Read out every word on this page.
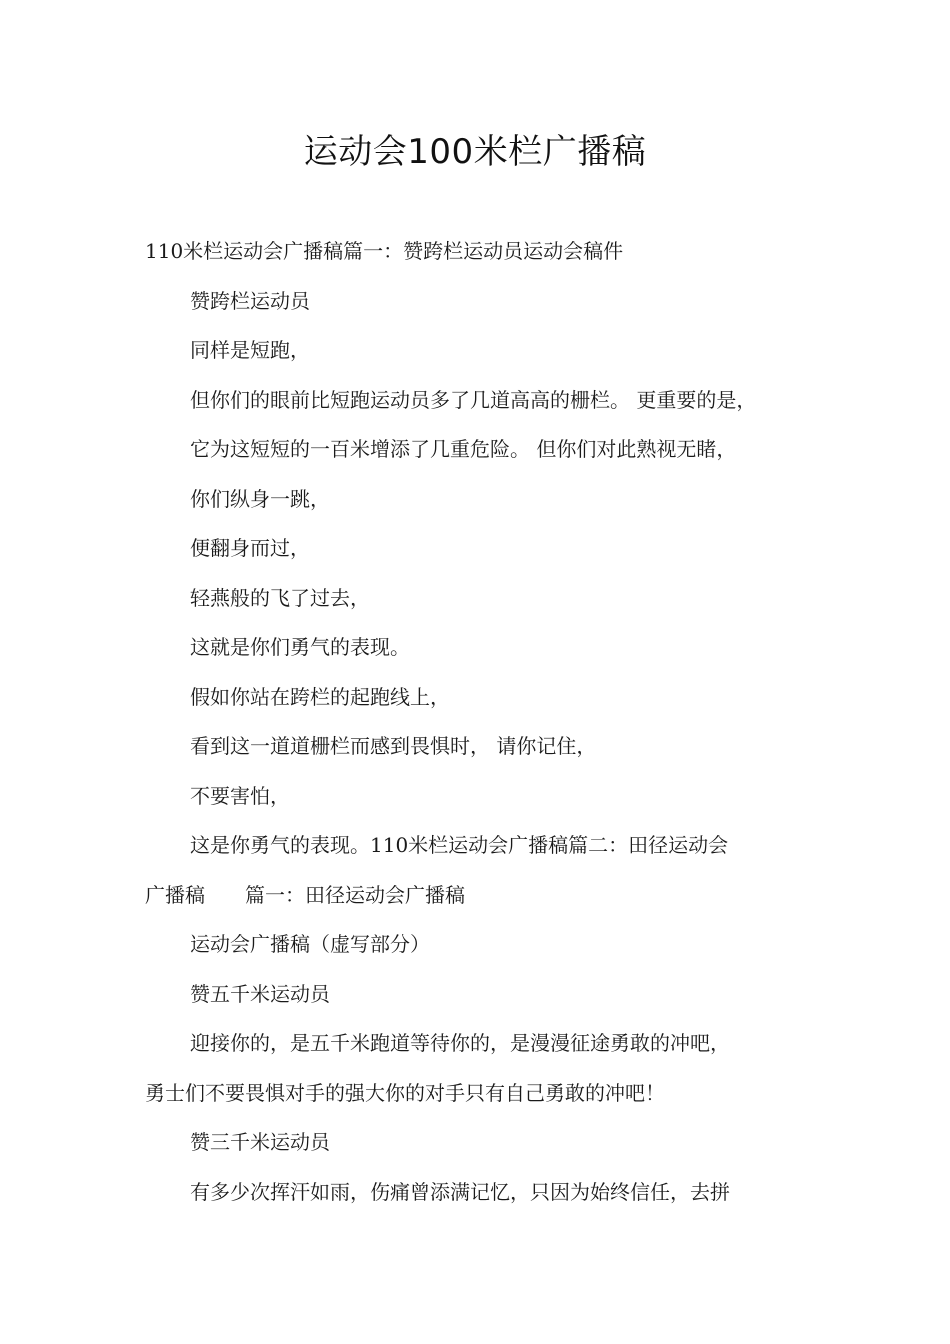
运动会100米栏广播稿

110米栏运动会广播稿篇一：赞跨栏运动员运动会稿件

赞跨栏运动员

同样是短跑，

但你们的眼前比短跑运动员多了几道高高的栅栏。 更重要的是，

它为这短短的一百米增添了几重危险。 但你们对此熟视无睹，

你们纵身一跳，

便翻身而过，

轻燕般的飞了过去，

这就是你们勇气的表现。

假如你站在跨栏的起跑线上，

看到这一道道栅栏而感到畏惧时， 请你记住，

不要害怕，

这是你勇气的表现。110米栏运动会广播稿篇二：田径运动会

广播稿　　篇一：田径运动会广播稿

运动会广播稿（虚写部分）

赞五千米运动员

迎接你的，是五千米跑道等待你的，是漫漫征途勇敢的冲吧，

勇士们不要畏惧对手的强大你的对手只有自己勇敢的冲吧！

赞三千米运动员

有多少次挥汗如雨，伤痛曾添满记忆，只因为始终信任，去拼
